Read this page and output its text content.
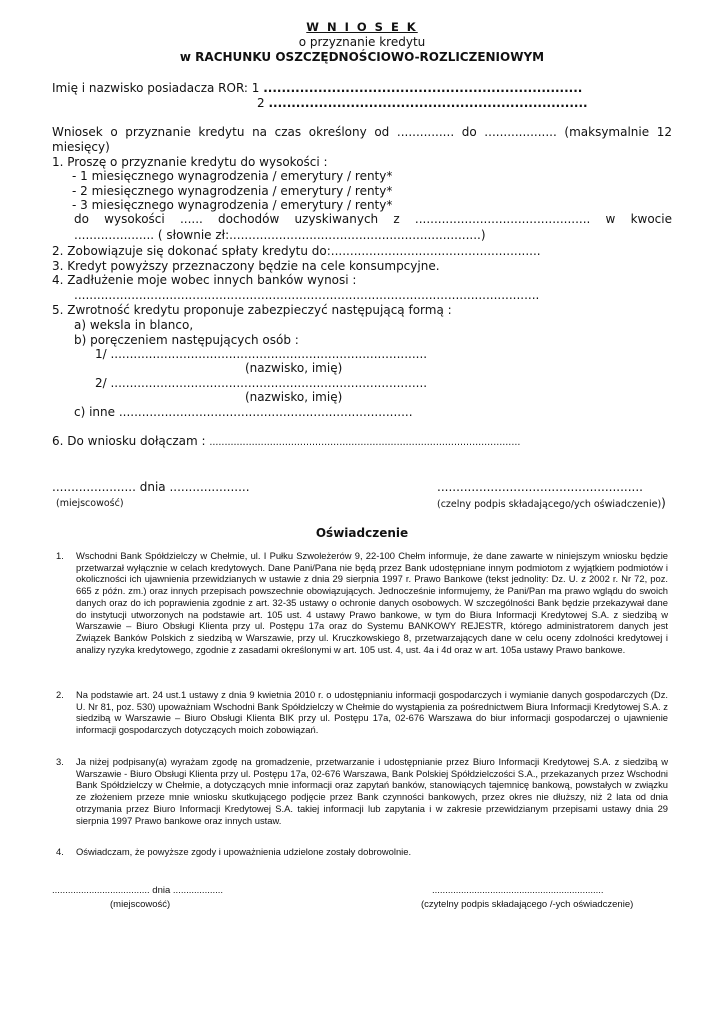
W N I O S E K
o przyznanie kredytu
w RACHUNKU OSZCZĘDNOŚCIOWO-ROZLICZENIOWYM
Imię i nazwisko posiadacza ROR: 1 ......................................................................
2 ......................................................................
Wniosek o przyznanie kredytu na czas określony od ............... do ................... (maksymalnie 12
miesięcy)
1. Proszę o przyznanie kredytu do wysokości :
- 1 miesięcznego wynagrodzenia / emerytury / renty*
- 2 miesięcznego wynagrodzenia / emerytury / renty*
- 3 miesięcznego wynagrodzenia / emerytury / renty*
do wysokości ...... dochodów uzyskiwanych z .............................................. w kwocie
..................... ( słownie zł:..................................................................)
2. Zobowiązuje się dokonać spłaty kredytu do:.......................................................
3. Kredyt powyższy przeznaczony będzie na cele konsumpcyjne.
4. Zadłużenie moje wobec innych banków wynosi :
..........................................................................................................................
5. Zwrotność kredytu proponuje zabezpieczyć następującą formą :
a) weksla in blanco,
b) poręczeniem następujących osób :
1/ ...................................................................................
(nazwisko, imię)
2/ ...................................................................................
(nazwisko, imię)
c) inne .............................................................................
6. Do wniosku dołączam : .......................................................................................................
...................... dnia .....................
(miejscowość)
......................................................
(czelny podpis składającego/ych oświadczenie))
Oświadczenie
1. Wschodni Bank Spółdzielczy w Chełmie, ul. I Pułku Szwoleżerów 9, 22-100 Chełm informuje, że dane zawarte w niniejszym wniosku będzie przetwarzał wyłącznie w celach kredytowych. Dane Pani/Pana nie będą przez Bank udostępniane innym podmiotom z wyjątkiem podmiotów i okoliczności ich ujawnienia przewidzianych w ustawie z dnia 29 sierpnia 1997 r. Prawo Bankowe (tekst jednolity: Dz. U. z 2002 r. Nr 72, poz. 665 z późn. zm.) oraz innych przepisach powszechnie obowiązujących. Jednocześnie informujemy, że Pani/Pan ma prawo wglądu do swoich danych oraz do ich poprawienia zgodnie z art. 32-35 ustawy o ochronie danych osobowych. W szczególności Bank będzie przekazywał dane do instytucji utworzonych na podstawie art. 105 ust. 4 ustawy Prawo bankowe, w tym do Biura Informacji Kredytowej S.A. z siedzibą w Warszawie – Biuro Obsługi Klienta przy ul. Postępu 17a oraz do Systemu BANKOWY REJESTR, którego administratorem danych jest Związek Banków Polskich z siedzibą w Warszawie, przy ul. Kruczkowskiego 8, przetwarzających dane w celu oceny zdolności kredytowej i analizy ryzyka kredytowego, zgodnie z zasadami określonymi w art. 105 ust. 4, ust. 4a i 4d oraz w art. 105a ustawy Prawo bankowe.
2. Na podstawie art. 24 ust.1 ustawy z dnia 9 kwietnia 2010 r. o udostępnianiu informacji gospodarczych i wymianie danych gospodarczych (Dz. U. Nr 81, poz. 530) upoważniam Wschodni Bank Spółdzielczy w Chełmie do wystąpienia za pośrednictwem Biura Informacji Kredytowej S.A. z siedzibą w Warszawie – Biuro Obsługi Klienta BIK przy ul. Postępu 17a, 02-676 Warszawa do biur informacji gospodarczej o ujawnienie informacji gospodarczych dotyczących moich zobowiązań.
3. Ja niżej podpisany(a) wyrażam zgodę na gromadzenie, przetwarzanie i udostępnianie przez Biuro Informacji Kredytowej S.A. z siedzibą w Warszawie - Biuro Obsługi Klienta przy ul. Postępu 17a, 02-676 Warszawa, Bank Polskiej Spółdzielczości S.A., przekazanych przez Wschodni Bank Spółdzielczy w Chełmie, a dotyczących mnie informacji oraz zapytań banków, stanowiących tajemnicę bankową, powstałych w związku ze złożeniem przeze mnie wniosku skutkującego podjęcie przez Bank czynności bankowych, przez okres nie dłuższy, niż 2 lata od dnia otrzymania przez Biuro Informacji Kredytowej S.A. takiej informacji lub zapytania i w zakresie przewidzianym przepisami ustawy dnia 29 sierpnia 1997 Prawo bankowe oraz innych ustaw.
4. Oświadczam, że powyższe zgody i upoważnienia udzielone zostały dobrowolnie.
..................................... dnia ...................
(miejscowość)
.................................................................
(czytelny podpis składającego /-ych oświadczenie)
